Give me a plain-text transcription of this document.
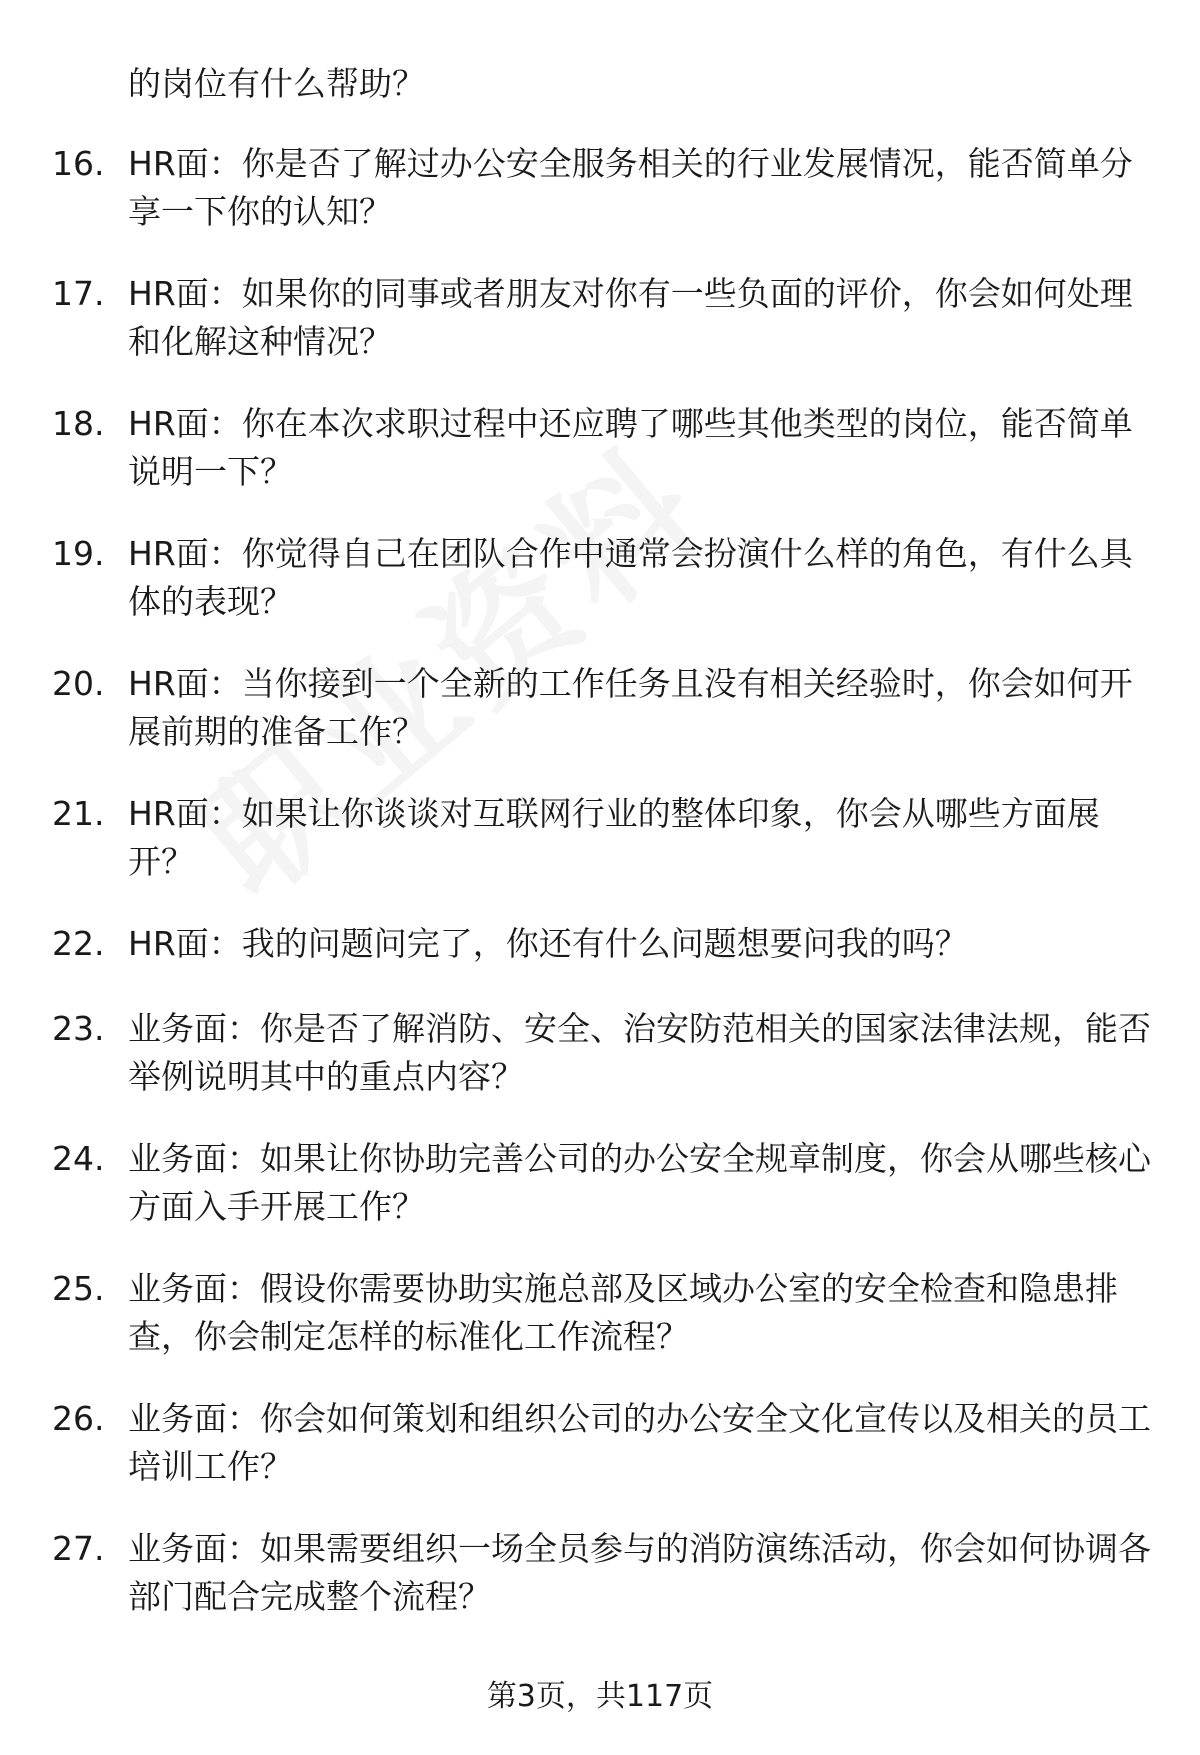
的岗位有什么帮助？
16. HR面：你是否了解过办公安全服务相关的行业发展情况，能否简单分享一下你的认知？
17. HR面：如果你的同事或者朋友对你有一些负面的评价，你会如何处理和化解这种情况？
18. HR面：你在本次求职过程中还应聘了哪些其他类型的岗位，能否简单说明一下？
19. HR面：你觉得自己在团队合作中通常会扮演什么样的角色，有什么具体的表现？
20. HR面：当你接到一个全新的工作任务且没有相关经验时，你会如何开展前期的准备工作？
21. HR面：如果让你谈谈对互联网行业的整体印象，你会从哪些方面展开？
22. HR面：我的问题问完了，你还有什么问题想要问我的吗？
23. 业务面：你是否了解消防、安全、治安防范相关的国家法律法规，能否举例说明其中的重点内容？
24. 业务面：如果让你协助完善公司的办公安全规章制度，你会从哪些核心方面入手开展工作？
25. 业务面：假设你需要协助实施总部及区域办公室的安全检查和隐患排查，你会制定怎样的标准化工作流程？
26. 业务面：你会如何策划和组织公司的办公安全文化宣传以及相关的员工培训工作？
27. 业务面：如果需要组织一场全员参与的消防演练活动，你会如何协调各部门配合完成整个流程？
第3页，共117页
